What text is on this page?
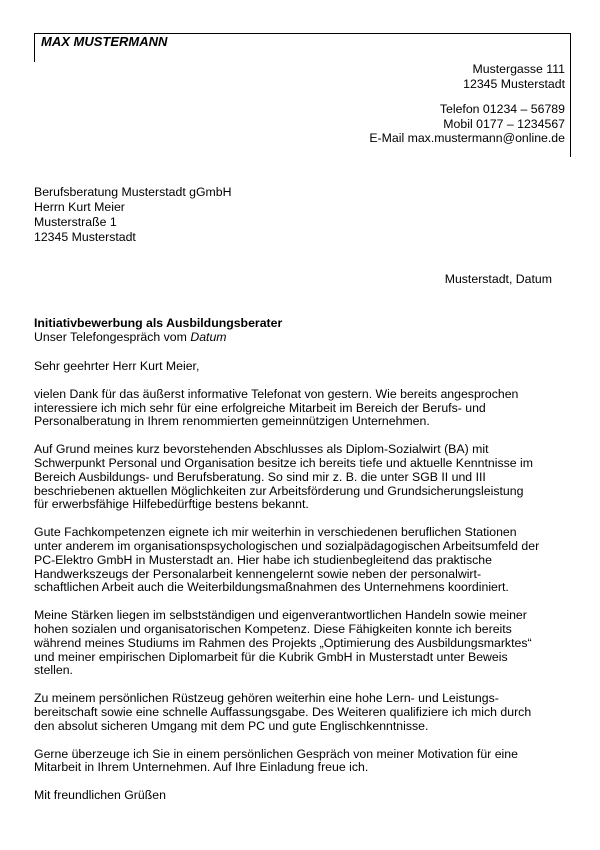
MAX MUSTERMANN
Mustergasse 111
12345 Musterstadt
Telefon 01234 – 56789
Mobil 0177 – 1234567
E-Mail max.mustermann@online.de
Berufsberatung Musterstadt gGmbH
Herrn Kurt Meier
Musterstraße 1
12345 Musterstadt
Musterstadt, Datum
Initiativbewerbung als Ausbildungsberater
Unser Telefongespräch vom Datum

Sehr geehrter Herr Kurt Meier,

vielen Dank für das äußerst informative Telefonat von gestern. Wie bereits angesprochen
interessiere ich mich sehr für eine erfolgreiche Mitarbeit im Bereich der Berufs- und
Personalberatung in Ihrem renommierten gemeinnützigen Unternehmen.

Auf Grund meines kurz bevorstehenden Abschlusses als Diplom-Sozialwirt (BA) mit
Schwerpunkt Personal und Organisation besitze ich bereits tiefe und aktuelle Kenntnisse im
Bereich Ausbildungs- und Berufsberatung. So sind mir z. B. die unter SGB II und III
beschriebenen aktuellen Möglichkeiten zur Arbeitsförderung und Grundsicherungsleistung
für erwerbsfähige Hilfebedürftige bestens bekannt.

Gute Fachkompetenzen eignete ich mir weiterhin in verschiedenen beruflichen Stationen
unter anderem im organisationspsychologischen und sozialpädagogischen Arbeitsumfeld der
PC-Elektro GmbH in Musterstadt an. Hier habe ich studienbegleitend das praktische
Handwerkszeugs der Personalarbeit kennengelernt sowie neben der personalwirt-
schaftlichen Arbeit auch die Weiterbildungsmaßnahmen des Unternehmens koordiniert.

Meine Stärken liegen im selbstständigen und eigenverantwortlichen Handeln sowie meiner
hohen sozialen und organisatorischen Kompetenz. Diese Fähigkeiten konnte ich bereits
während meines Studiums im Rahmen des Projekts „Optimierung des Ausbildungsmarktes“
und meiner empirischen Diplomarbeit für die Kubrik GmbH in Musterstadt unter Beweis
stellen.

Zu meinem persönlichen Rüstzeug gehören weiterhin eine hohe Lern- und Leistungs-
bereitschaft sowie eine schnelle Auffassungsgabe. Des Weiteren qualifiziere ich mich durch
den absolut sicheren Umgang mit dem PC und gute Englischkenntnisse.

Gerne überzeuge ich Sie in einem persönlichen Gespräch von meiner Motivation für eine
Mitarbeit in Ihrem Unternehmen. Auf Ihre Einladung freue ich.

Mit freundlichen Grüßen
